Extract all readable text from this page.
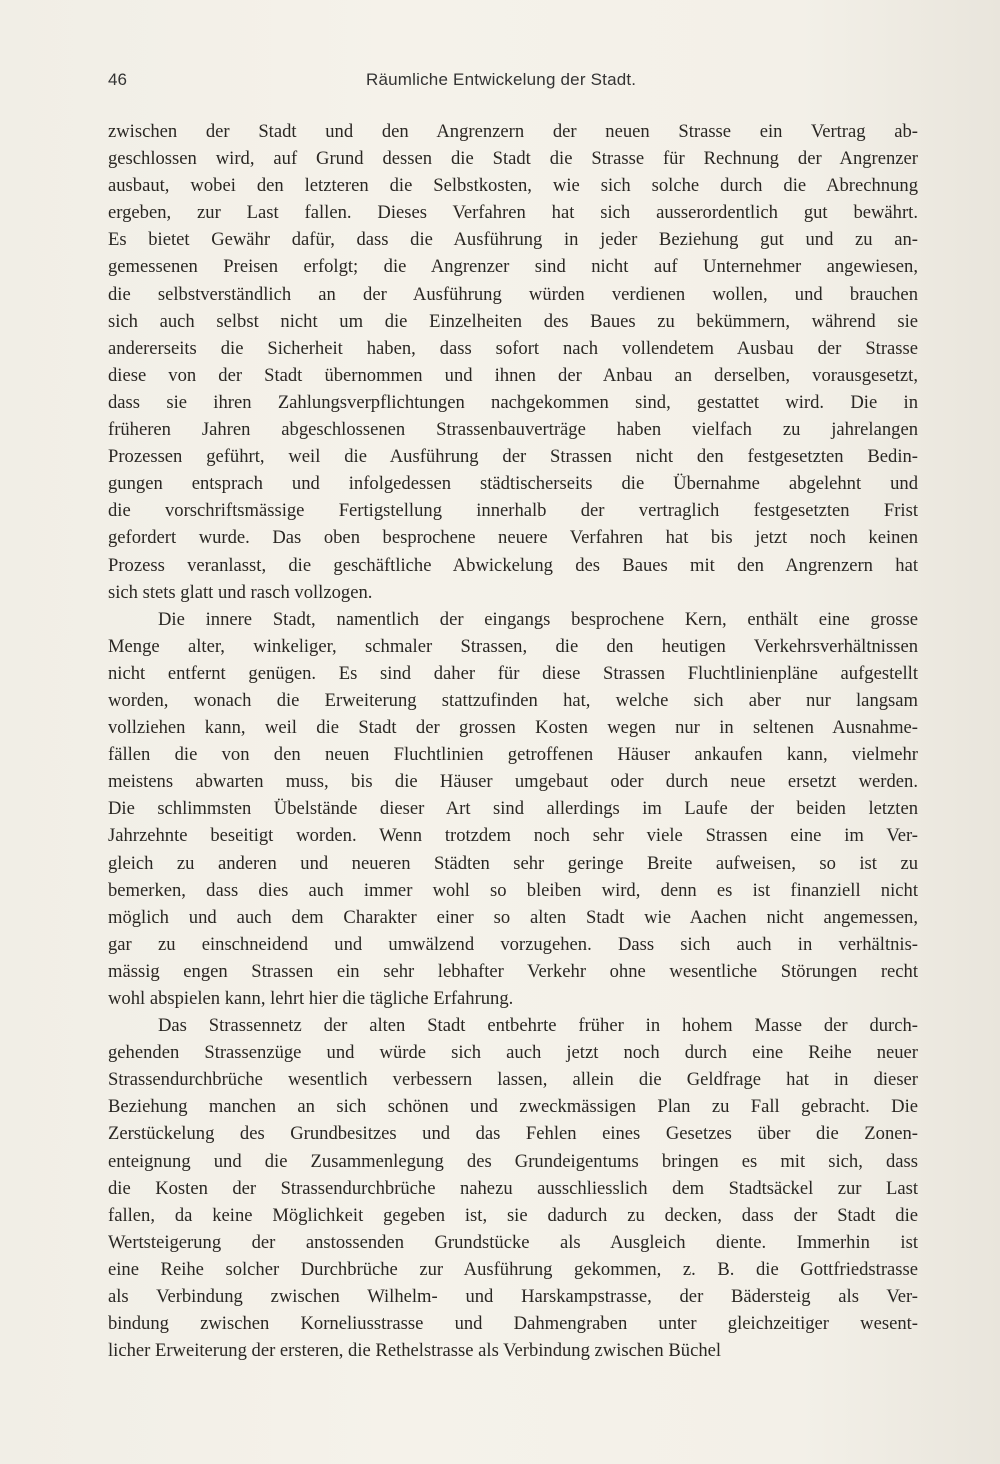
46	Räumliche Entwickelung der Stadt.

zwischen der Stadt und den Angrenzern der neuen Strasse ein Vertrag ab-
geschlossen wird, auf Grund dessen die Stadt die Strasse für Rechnung der Angrenzer
ausbaut, wobei den letzteren die Selbstkosten, wie sich solche durch die Abrechnung
ergeben, zur Last fallen. Dieses Verfahren hat sich ausserordentlich gut bewährt.
Es bietet Gewähr dafür, dass die Ausführung in jeder Beziehung gut und zu an-
gemessenen Preisen erfolgt; die Angrenzer sind nicht auf Unternehmer angewiesen,
die selbstverständlich an der Ausführung würden verdienen wollen, und brauchen
sich auch selbst nicht um die Einzelheiten des Baues zu bekümmern, während sie
andererseits die Sicherheit haben, dass sofort nach vollendetem Ausbau der Strasse
diese von der Stadt übernommen und ihnen der Anbau an derselben, vorausgesetzt,
dass sie ihren Zahlungsverpflichtungen nachgekommen sind, gestattet wird. Die in
früheren Jahren abgeschlossenen Strassenbauverträge haben vielfach zu jahrelangen
Prozessen geführt, weil die Ausführung der Strassen nicht den festgesetzten Bedin-
gungen entsprach und infolgedessen städtischerseits die Übernahme abgelehnt und
die vorschriftsmässige Fertigstellung innerhalb der vertraglich festgesetzten Frist
gefordert wurde. Das oben besprochene neuere Verfahren hat bis jetzt noch keinen
Prozess veranlasst, die geschäftliche Abwickelung des Baues mit den Angrenzern hat
sich stets glatt und rasch vollzogen.

Die innere Stadt, namentlich der eingangs besprochene Kern, enthält eine grosse
Menge alter, winkeliger, schmaler Strassen, die den heutigen Verkehrsverhältnissen
nicht entfernt genügen. Es sind daher für diese Strassen Fluchtlinienpläne aufgestellt
worden, wonach die Erweiterung stattzufinden hat, welche sich aber nur langsam
vollziehen kann, weil die Stadt der grossen Kosten wegen nur in seltenen Ausnahme-
fällen die von den neuen Fluchtlinien getroffenen Häuser ankaufen kann, vielmehr
meistens abwarten muss, bis die Häuser umgebaut oder durch neue ersetzt werden.
Die schlimmsten Übelstände dieser Art sind allerdings im Laufe der beiden letzten
Jahrzehnte beseitigt worden. Wenn trotzdem noch sehr viele Strassen eine im Ver-
gleich zu anderen und neueren Städten sehr geringe Breite aufweisen, so ist zu
bemerken, dass dies auch immer wohl so bleiben wird, denn es ist finanziell nicht
möglich und auch dem Charakter einer so alten Stadt wie Aachen nicht angemessen,
gar zu einschneidend und umwälzend vorzugehen. Dass sich auch in verhältnis-
mässig engen Strassen ein sehr lebhafter Verkehr ohne wesentliche Störungen recht
wohl abspielen kann, lehrt hier die tägliche Erfahrung.

Das Strassennetz der alten Stadt entbehrte früher in hohem Masse der durch-
gehenden Strassenzüge und würde sich auch jetzt noch durch eine Reihe neuer
Strassendurchbrüche wesentlich verbessern lassen, allein die Geldfrage hat in dieser
Beziehung manchen an sich schönen und zweckmässigen Plan zu Fall gebracht. Die
Zerstückelung des Grundbesitzes und das Fehlen eines Gesetzes über die Zonen-
enteignung und die Zusammenlegung des Grundeigentums bringen es mit sich, dass
die Kosten der Strassendurchbrüche nahezu ausschliesslich dem Stadtsäckel zur Last
fallen, da keine Möglichkeit gegeben ist, sie dadurch zu decken, dass der Stadt die
Wertsteigerung der anstossenden Grundstücke als Ausgleich diente. Immerhin ist
eine Reihe solcher Durchbrüche zur Ausführung gekommen, z. B. die Gottfriedstrasse
als Verbindung zwischen Wilhelm- und Harskampstrasse, der Bädersteig als Ver-
bindung zwischen Korneliusstrasse und Dahmengraben unter gleichzeitiger wesent-
licher Erweiterung der ersteren, die Rethelstrasse als Verbindung zwischen Büchel
